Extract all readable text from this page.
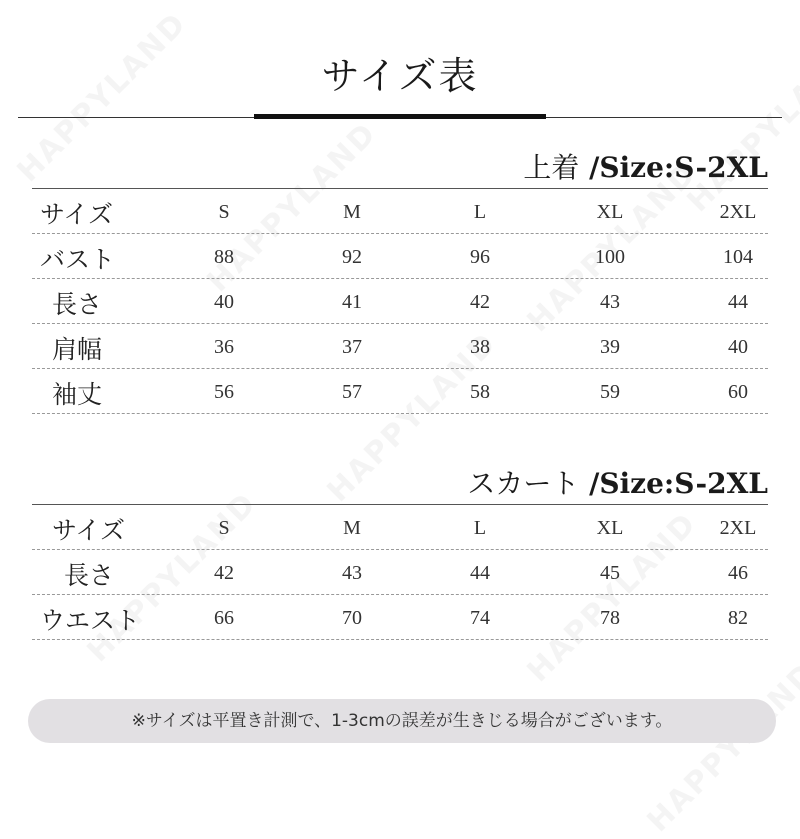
サイズ表
上着 /Size:S-2XL
サイズ	S	M	L	XL	2XL
バスト	88	92	96	100	104
長さ	40	41	42	43	44
肩幅	36	37	38	39	40
袖丈	56	57	58	59	60
スカート /Size:S-2XL
サイズ	S	M	L	XL	2XL
長さ	42	43	44	45	46
ウエスト	66	70	74	78	82
※サイズは平置き計測で、1-3cmの誤差が生きじる場合がございます。
